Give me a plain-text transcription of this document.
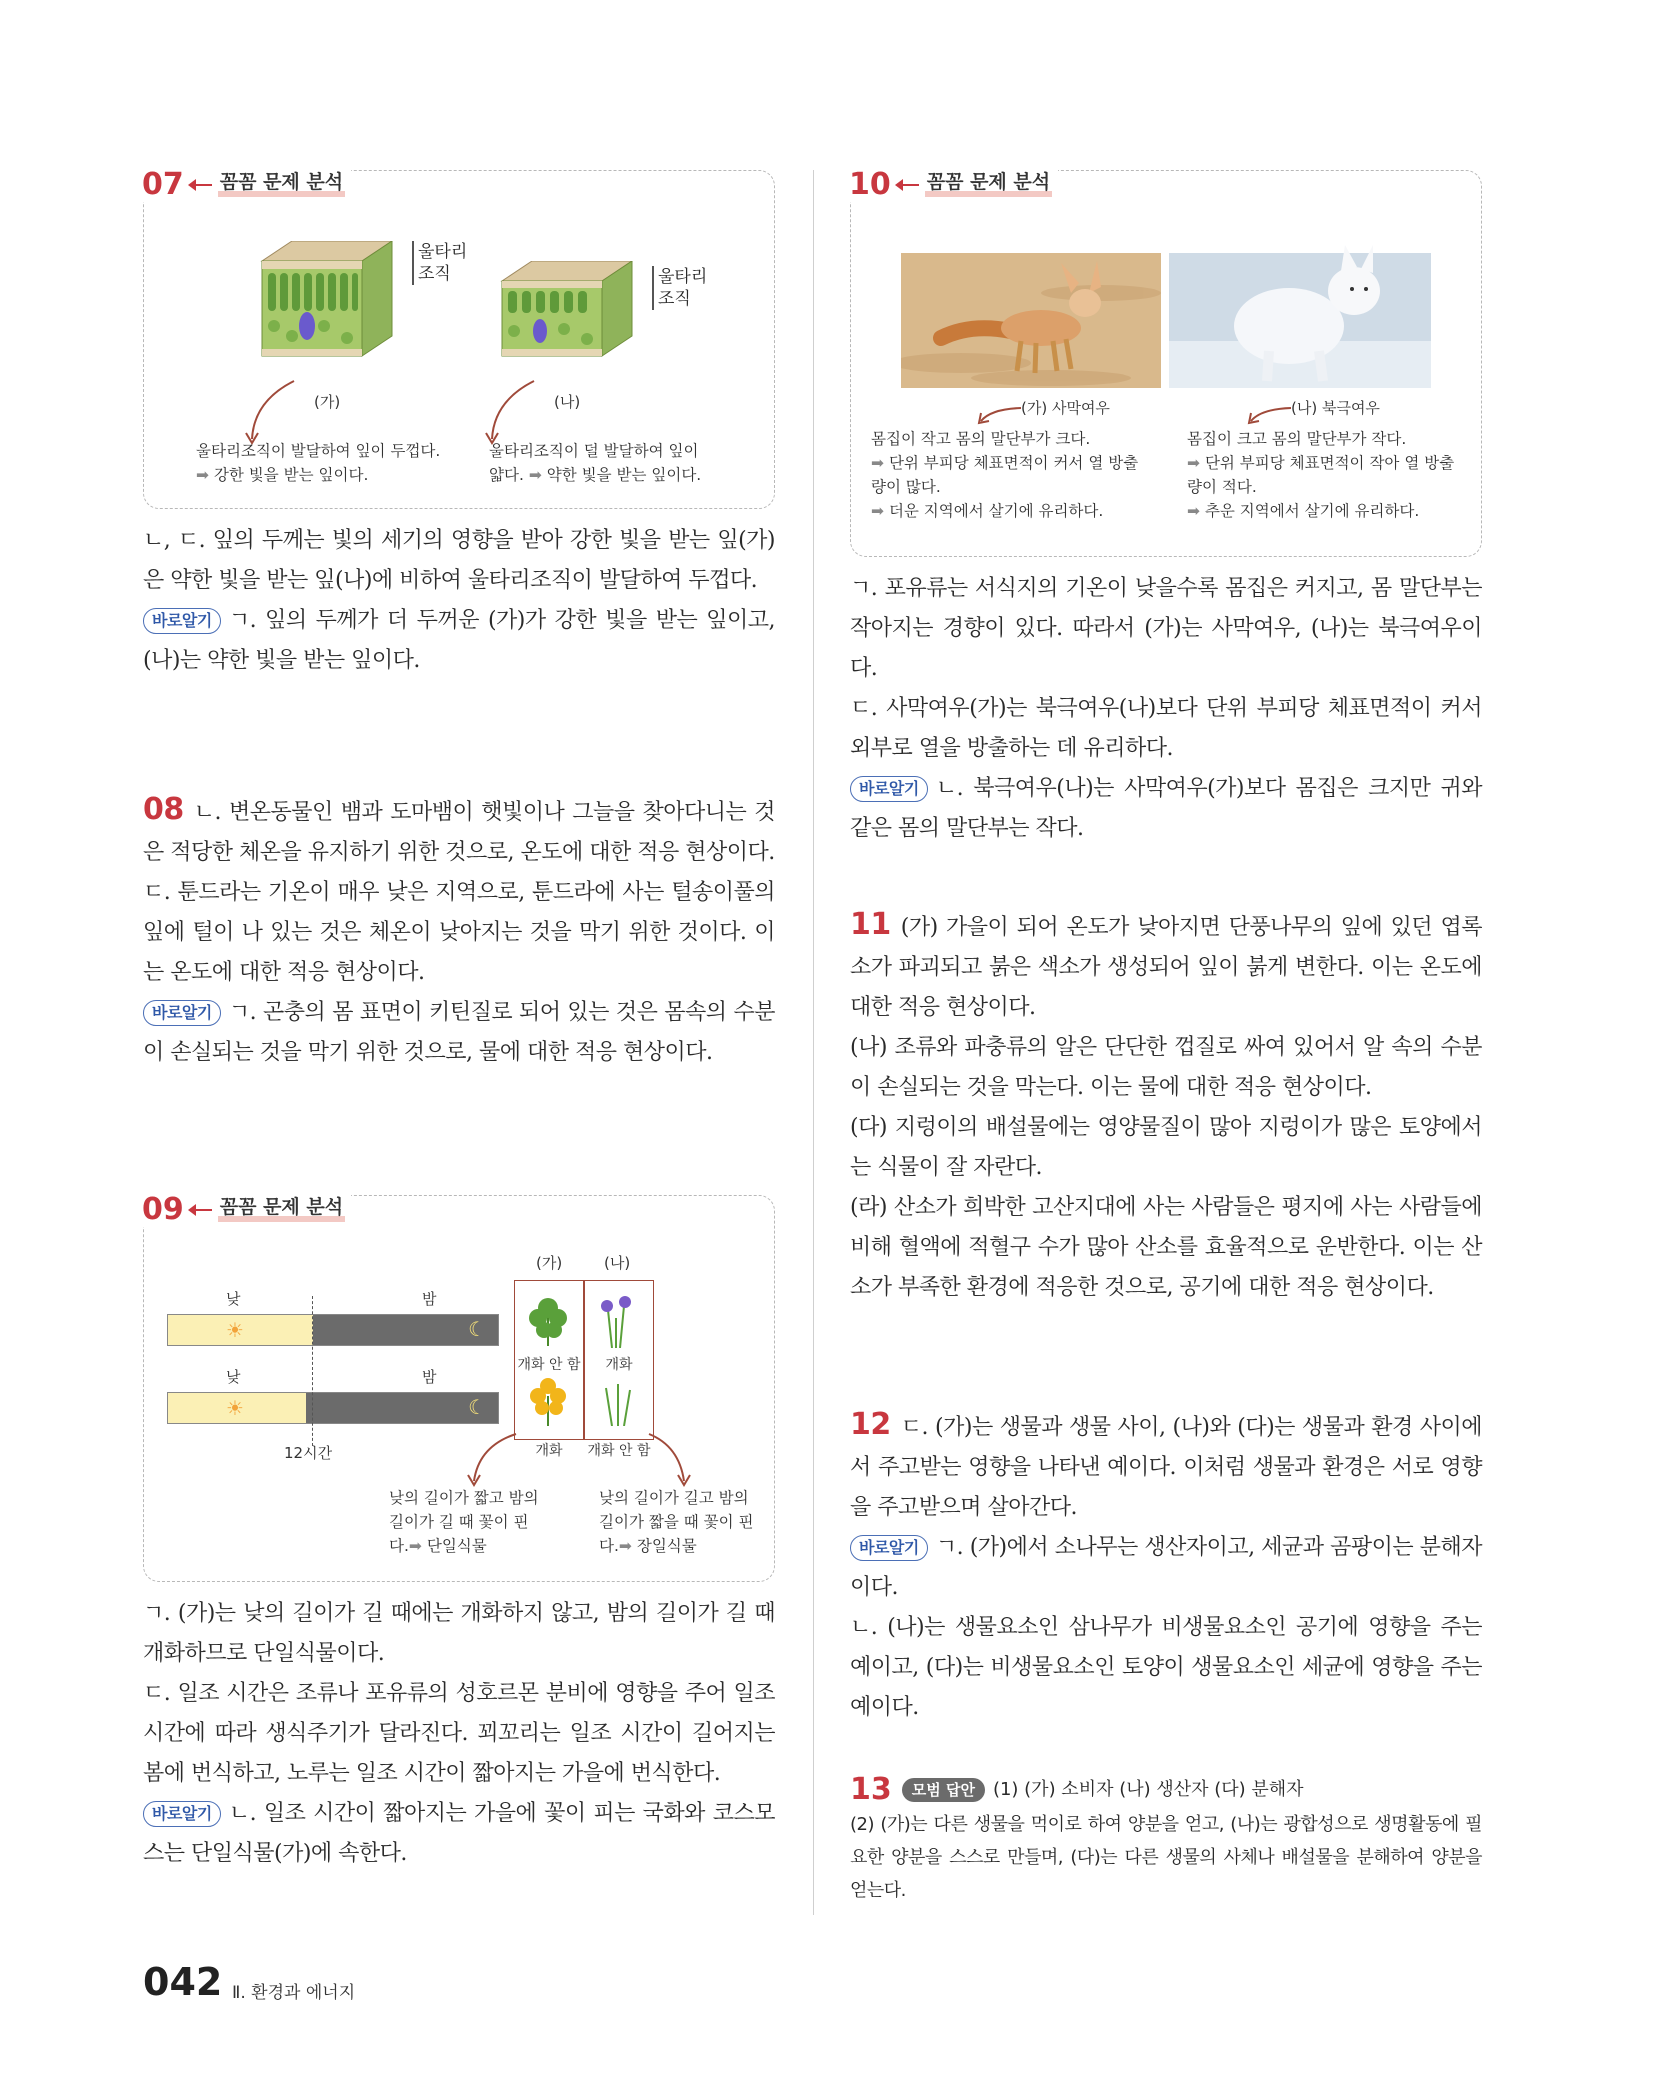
07 꼼꼼 문제 분석
울타리
조직	울타리
조직
(가)	(나)
울타리조직이 발달하여 잎이 두껍다.
➡ 강한 빛을 받는 잎이다.
울타리조직이 덜 발달하여 잎이
얇다. ➡ 약한 빛을 받는 잎이다.

ㄴ, ㄷ. 잎의 두께는 빛의 세기의 영향을 받아 강한 빛을 받는 잎(가)은 약한 빛을 받는 잎(나)에 비하여 울타리조직이 발달하여 두껍다.

바로알기 ㄱ. 잎의 두께가 더 두꺼운 (가)가 강한 빛을 받는 잎이고, (나)는 약한 빛을 받는 잎이다.

08 ㄴ. 변온동물인 뱀과 도마뱀이 햇빛이나 그늘을 찾아다니는 것은 적당한 체온을 유지하기 위한 것으로, 온도에 대한 적응 현상이다.

ㄷ. 툰드라는 기온이 매우 낮은 지역으로, 툰드라에 사는 털송이풀의 잎에 털이 나 있는 것은 체온이 낮아지는 것을 막기 위한 것이다. 이는 온도에 대한 적응 현상이다.

바로알기 ㄱ. 곤충의 몸 표면이 키틴질로 되어 있는 것은 몸속의 수분이 손실되는 것을 막기 위한 것으로, 물에 대한 적응 현상이다.

09 꼼꼼 문제 분석
낮	밤
☀	☾
낮	밤
☀	☾
12시간
(가)	(나)
개화 안 함	개화
개화	개화 안 함
낮의 길이가 짧고 밤의
길이가 길 때 꽃이 핀
다.➡ 단일식물
낮의 길이가 길고 밤의
길이가 짧을 때 꽃이 핀
다.➡ 장일식물

ㄱ. (가)는 낮의 길이가 길 때에는 개화하지 않고, 밤의 길이가 길 때 개화하므로 단일식물이다.

ㄷ. 일조 시간은 조류나 포유류의 성호르몬 분비에 영향을 주어 일조 시간에 따라 생식주기가 달라진다. 꾀꼬리는 일조 시간이 길어지는 봄에 번식하고, 노루는 일조 시간이 짧아지는 가을에 번식한다.

바로알기 ㄴ. 일조 시간이 짧아지는 가을에 꽃이 피는 국화와 코스모스는 단일식물(가)에 속한다.

10 꼼꼼 문제 분석
(가) 사막여우	(나) 북극여우
몸집이 작고 몸의 말단부가 크다.
➡ 단위 부피당 체표면적이 커서 열 방출
량이 많다.
➡ 더운 지역에서 살기에 유리하다.
몸집이 크고 몸의 말단부가 작다.
➡ 단위 부피당 체표면적이 작아 열 방출
량이 적다.
➡ 추운 지역에서 살기에 유리하다.

ㄱ. 포유류는 서식지의 기온이 낮을수록 몸집은 커지고, 몸 말단부는 작아지는 경향이 있다. 따라서 (가)는 사막여우, (나)는 북극여우이다.

ㄷ. 사막여우(가)는 북극여우(나)보다 단위 부피당 체표면적이 커서 외부로 열을 방출하는 데 유리하다.

바로알기 ㄴ. 북극여우(나)는 사막여우(가)보다 몸집은 크지만 귀와 같은 몸의 말단부는 작다.

11 (가) 가을이 되어 온도가 낮아지면 단풍나무의 잎에 있던 엽록소가 파괴되고 붉은 색소가 생성되어 잎이 붉게 변한다. 이는 온도에 대한 적응 현상이다.

(나) 조류와 파충류의 알은 단단한 껍질로 싸여 있어서 알 속의 수분이 손실되는 것을 막는다. 이는 물에 대한 적응 현상이다.

(다) 지렁이의 배설물에는 영양물질이 많아 지렁이가 많은 토양에서는 식물이 잘 자란다.

(라) 산소가 희박한 고산지대에 사는 사람들은 평지에 사는 사람들에 비해 혈액에 적혈구 수가 많아 산소를 효율적으로 운반한다. 이는 산소가 부족한 환경에 적응한 것으로, 공기에 대한 적응 현상이다.

12 ㄷ. (가)는 생물과 생물 사이, (나)와 (다)는 생물과 환경 사이에서 주고받는 영향을 나타낸 예이다. 이처럼 생물과 환경은 서로 영향을 주고받으며 살아간다.

바로알기 ㄱ. (가)에서 소나무는 생산자이고, 세균과 곰팡이는 분해자이다.

ㄴ. (나)는 생물요소인 삼나무가 비생물요소인 공기에 영향을 주는 예이고, (다)는 비생물요소인 토양이 생물요소인 세균에 영향을 주는 예이다.

13 모범 답안 (1) (가) 소비자 (나) 생산자 (다) 분해자
(2) (가)는 다른 생물을 먹이로 하여 양분을 얻고, (나)는 광합성으로 생명활동에 필요한 양분을 스스로 만들며, (다)는 다른 생물의 사체나 배설물을 분해하여 양분을 얻는다.
042 Ⅱ. 환경과 에너지
